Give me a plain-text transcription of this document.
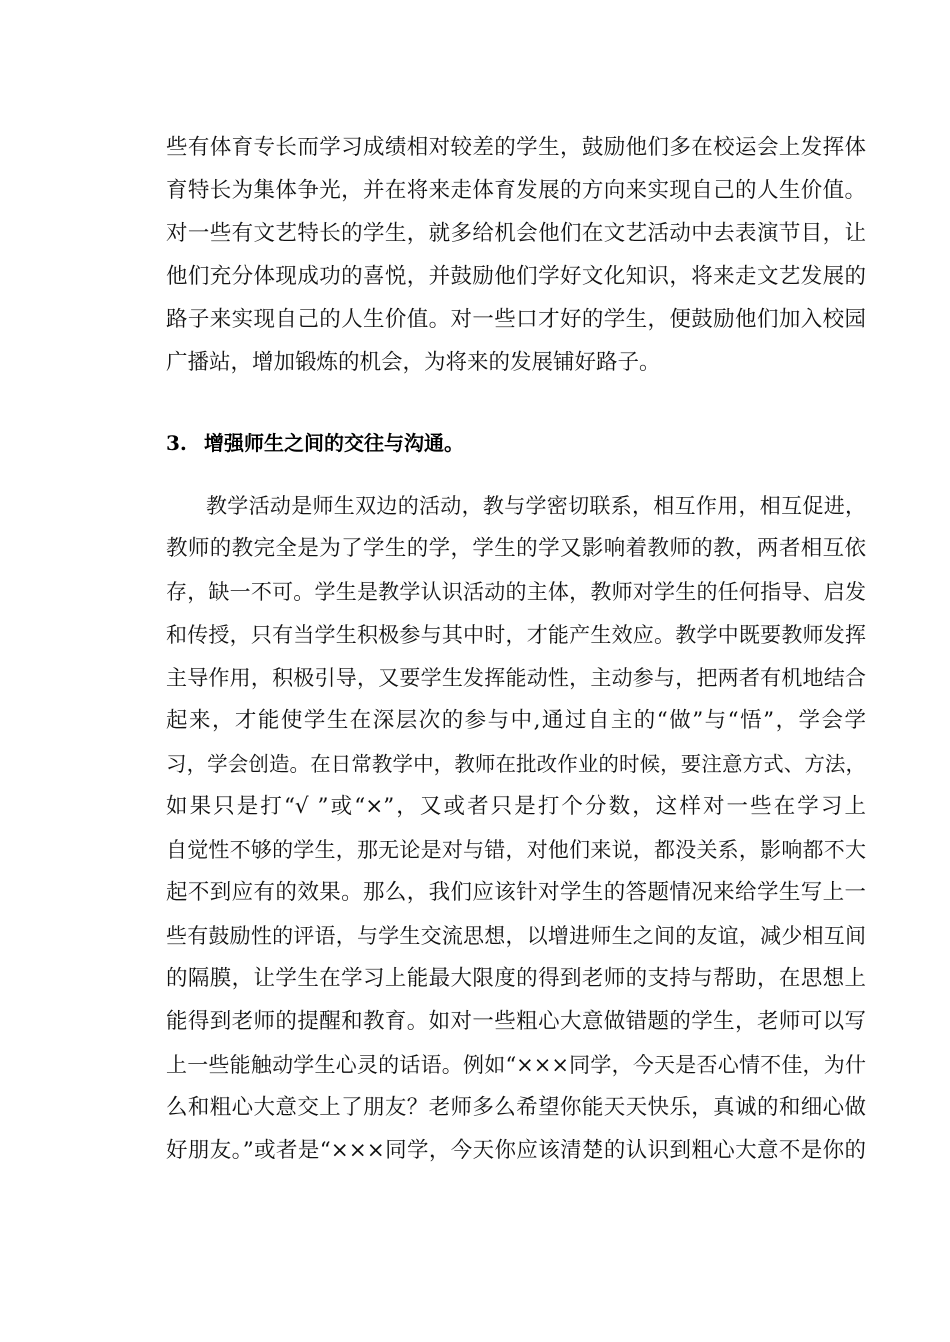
些有体育专长而学习成绩相对较差的学生，鼓励他们多在校运会上发挥体
育特长为集体争光，并在将来走体育发展的方向来实现自己的人生价值。
对一些有文艺特长的学生，就多给机会他们在文艺活动中去表演节目，让
他们充分体现成功的喜悦，并鼓励他们学好文化知识，将来走文艺发展的
路子来实现自己的人生价值。对一些口才好的学生，便鼓励他们加入校园
广播站，增加锻炼的机会，为将来的发展铺好路子。
3. 增强师生之间的交往与沟通。
教学活动是师生双边的活动，教与学密切联系，相互作用，相互促进，
教师的教完全是为了学生的学，学生的学又影响着教师的教，两者相互依
存，缺一不可。学生是教学认识活动的主体，教师对学生的任何指导、启发
和传授，只有当学生积极参与其中时，才能产生效应。教学中既要教师发挥
主导作用，积极引导，又要学生发挥能动性，主动参与，把两者有机地结合
起来，才能使学生在深层次的参与中,通过自主的“做”与“悟”，学会学
习，学会创造。在日常教学中，教师在批改作业的时候，要注意方式、方法，
如果只是打“√ ”或“×”，又或者只是打个分数，这样对一些在学习上
自觉性不够的学生，那无论是对与错，对他们来说，都没关系，影响都不大
起不到应有的效果。那么，我们应该针对学生的答题情况来给学生写上一
些有鼓励性的评语，与学生交流思想，以增进师生之间的友谊，减少相互间
的隔膜，让学生在学习上能最大限度的得到老师的支持与帮助，在思想上
能得到老师的提醒和教育。如对一些粗心大意做错题的学生，老师可以写
上一些能触动学生心灵的话语。例如“×××同学，今天是否心情不佳，为什
么和粗心大意交上了朋友？老师多么希望你能天天快乐，真诚的和细心做
好朋友。”或者是“×××同学，今天你应该清楚的认识到粗心大意不是你的
